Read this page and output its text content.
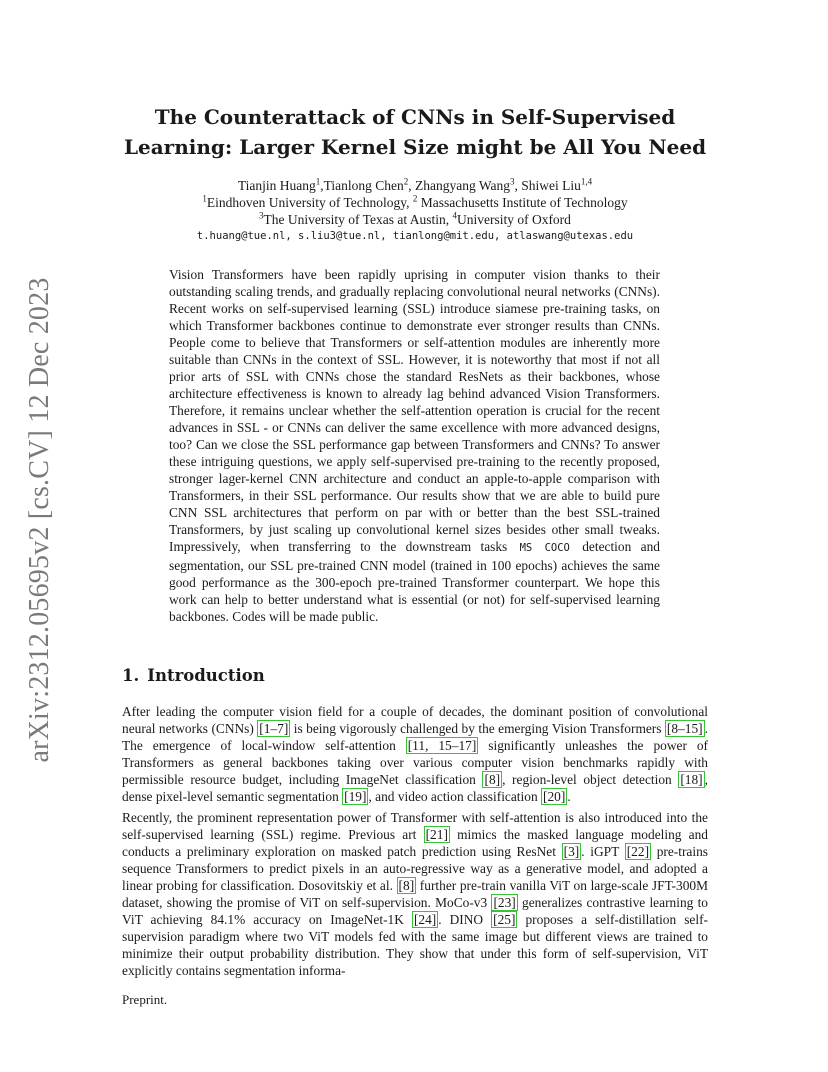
arXiv:2312.05695v2 [cs.CV] 12 Dec 2023
The Counterattack of CNNs in Self-Supervised
Learning: Larger Kernel Size might be All You Need
Tianjin Huang$^1$,Tianlong Chen$^2$, Zhangyang Wang$^3$, Shiwei Liu$^{1,4}$
$^1$Eindhoven University of Technology, $^2$ Massachusetts Institute of Technology
$^3$The University of Texas at Austin, $^4$University of Oxford
t.huang@tue.nl, s.liu3@tue.nl, tianlong@mit.edu, atlaswang@utexas.edu
Vision Transformers have been rapidly uprising in computer vision thanks to their outstanding scaling trends, and gradually replacing convolutional neural networks (CNNs). Recent works on self-supervised learning (SSL) introduce siamese pre-training tasks, on which Transformer backbones continue to demonstrate ever stronger results than CNNs. People come to believe that Transformers or self-attention modules are inherently more suitable than CNNs in the context of SSL. However, it is noteworthy that most if not all prior arts of SSL with CNNs chose the standard ResNets as their backbones, whose architecture effectiveness is known to already lag behind advanced Vision Transformers. Therefore, it remains unclear whether the self-attention operation is crucial for the recent advances in SSL - or CNNs can deliver the same excellence with more advanced designs, too? Can we close the SSL performance gap between Transformers and CNNs? To answer these intriguing questions, we apply self-supervised pre-training to the recently proposed, stronger lager-kernel CNN architecture and conduct an apple-to-apple comparison with Transformers, in their SSL performance. Our results show that we are able to build pure CNN SSL architectures that perform on par with or better than the best SSL-trained Transformers, by just scaling up convolutional kernel sizes besides other small tweaks. Impressively, when transferring to the downstream tasks MS COCO detection and segmentation, our SSL pre-trained CNN model (trained in 100 epochs) achieves the same good performance as the 300-epoch pre-trained Transformer counterpart. We hope this work can help to better understand what is essential (or not) for self-supervised learning backbones. Codes will be made public.
1. Introduction

After leading the computer vision field for a couple of decades, the dominant position of convolutional neural networks (CNNs) [1–7] is being vigorously challenged by the emerging Vision Transformers [8–15] . The emergence of local-window self-attention [11, 15–17] significantly unleashes the power of Transformers as general backbones taking over various computer vision benchmarks rapidly with permissible resource budget, including ImageNet classification [8] , region-level object detection [18] , dense pixel-level semantic segmentation [19] , and video action classification [20] .

Recently, the prominent representation power of Transformer with self-attention is also introduced into the self-supervised learning (SSL) regime. Previous art [21] mimics the masked language modeling and conducts a preliminary exploration on masked patch prediction using ResNet [3] . iGPT [22] pre-trains sequence Transformers to predict pixels in an auto-regressive way as a generative model, and adopted a linear probing for classification. Dosovitskiy et al. [8] further pre-train vanilla ViT on large-scale JFT-300M dataset, showing the promise of ViT on self-supervision. MoCo-v3 [23] generalizes contrastive learning to ViT achieving 84.1% accuracy on ImageNet-1K [24] . DINO [25] proposes a self-distillation self-supervision paradigm where two ViT models fed with the same image but different views are trained to minimize their output probability distribution. They show that under this form of self-supervision, ViT explicitly contains segmentation informa-

Preprint.
